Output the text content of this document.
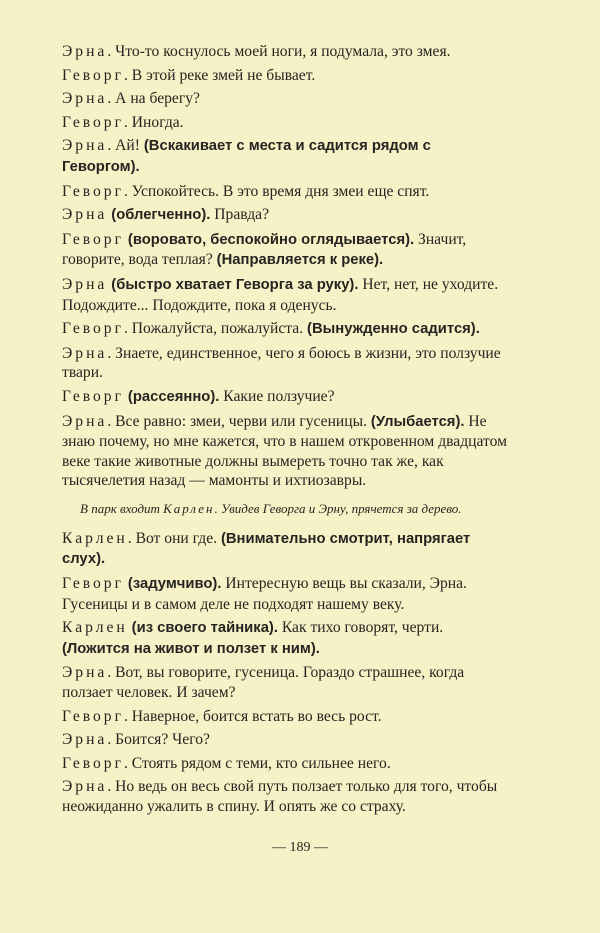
Эрна. Что-то коснулось моей ноги, я подумала, это змея.

Геворг. В этой реке змей не бывает.

Эрна. А на берегу?

Геворг. Иногда.

Эрна. Ай! (Вскакивает с места и садится рядом с Геворгом).

Геворг. Успокойтесь. В это время дня змеи еще спят.

Эрна (облегченно). Правда?

Геворг (воровато, беспокойно оглядывается). Значит, говорите, вода теплая? (Направляется к реке).

Эрна (быстро хватает Геворга за руку). Нет, нет, не уходите. Подождите... Подождите, пока я оденусь.

Геворг. Пожалуйста, пожалуйста. (Вынужденно садится).

Эрна. Знаете, единственное, чего я боюсь в жизни, это ползучие твари.

Геворг (рассеянно). Какие ползучие?

Эрна. Все равно: змеи, черви или гусеницы. (Улыбается). Не знаю почему, но мне кажется, что в нашем откровенном двадцатом веке такие животные должны вымереть точно так же, как тысячелетия назад — мамонты и ихтиозавры.

В парк входит Карлен. Увидев Геворга и Эрну, прячется за дерево.

Карлен. Вот они где. (Внимательно смотрит, напрягает слух).

Геворг (задумчиво). Интересную вещь вы сказали, Эрна. Гусеницы и в самом деле не подходят нашему веку.

Карлен (из своего тайника). Как тихо говорят, черти. (Ложится на живот и ползет к ним).

Эрна. Вот, вы говорите, гусеница. Гораздо страшнее, когда ползает человек. И зачем?

Геворг. Наверное, боится встать во весь рост.

Эрна. Боится? Чего?

Геворг. Стоять рядом с теми, кто сильнее него.

Эрна. Но ведь он весь свой путь ползает только для того, чтобы неожиданно ужалить в спину. И опять же со страху.

— 189 —
